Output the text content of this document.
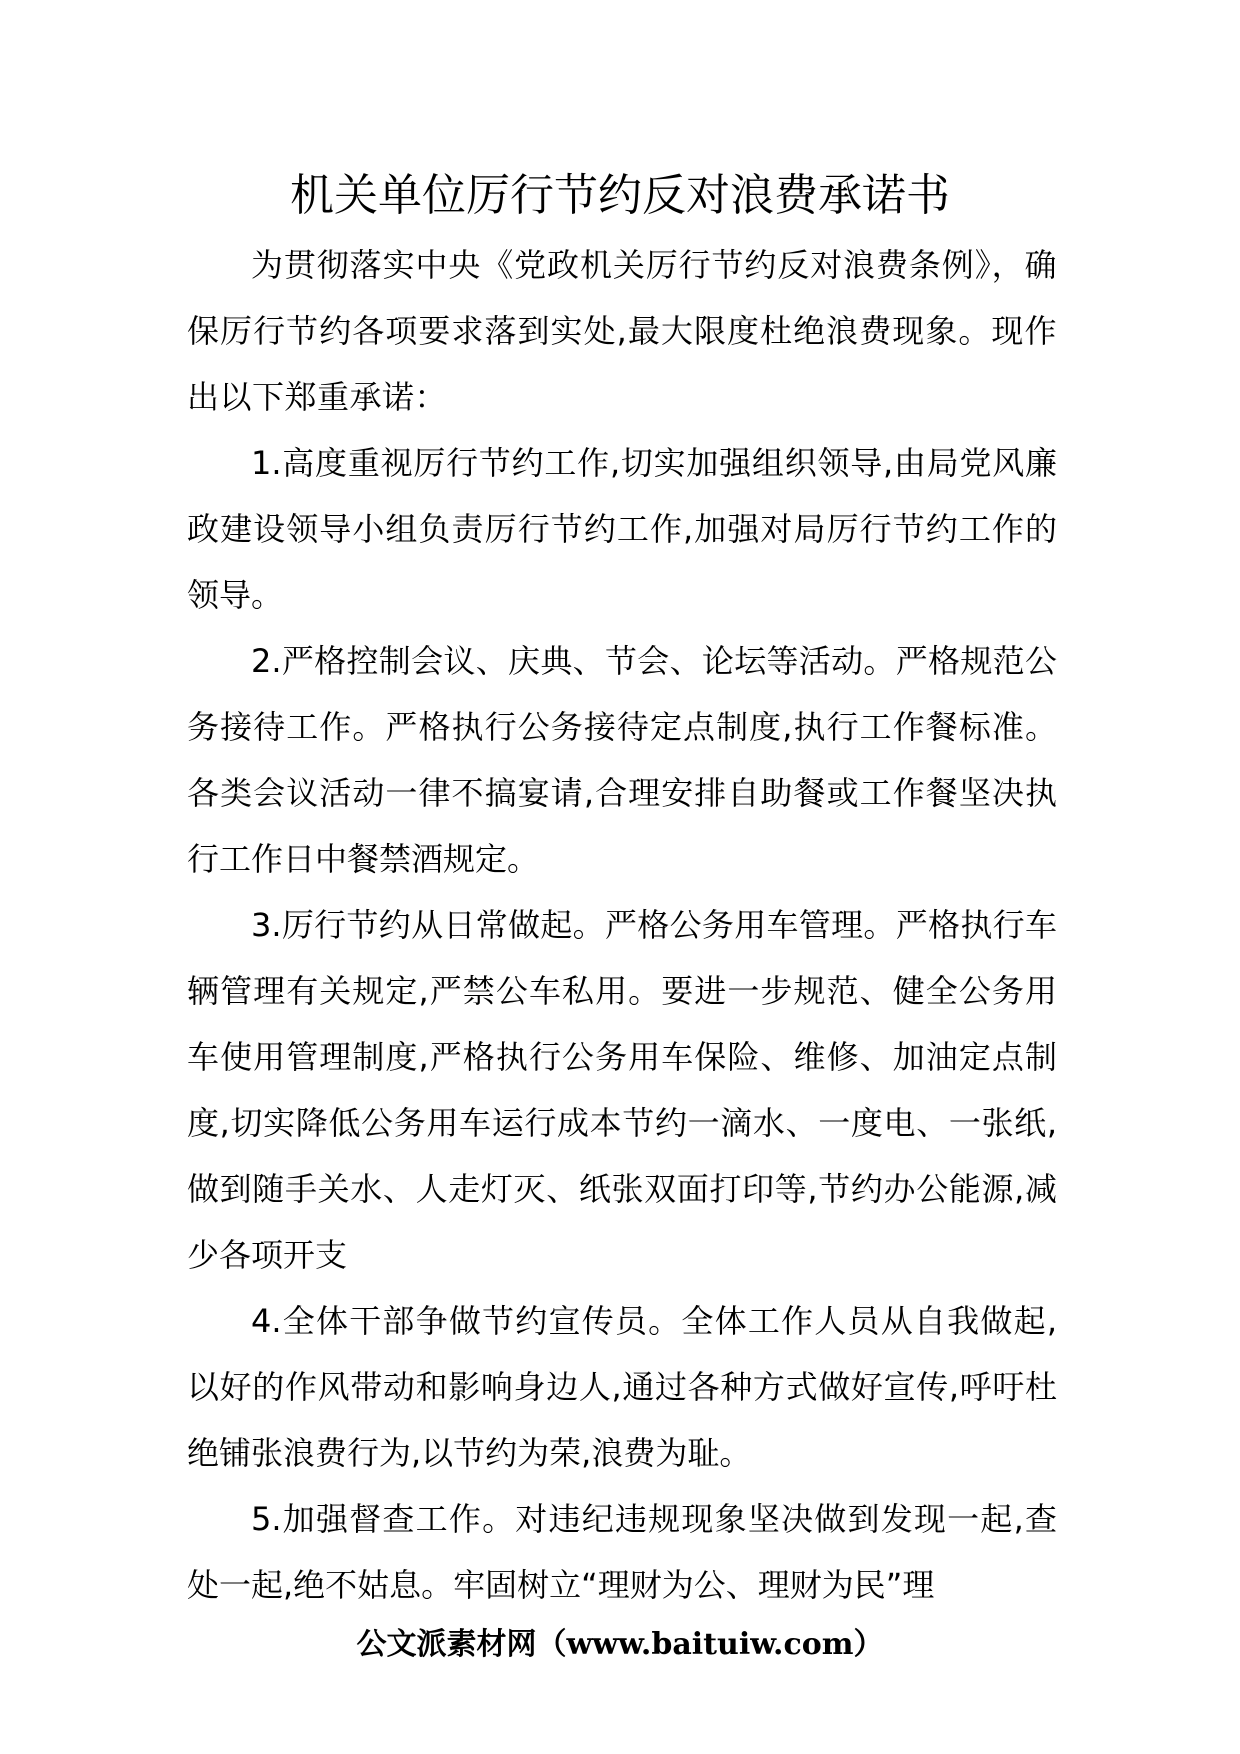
机关单位厉行节约反对浪费承诺书

为贯彻落实中央《党政机关厉行节约反对浪费条例》，确保厉行节约各项要求落到实处,最大限度杜绝浪费现象。现作出以下郑重承诺：

1.高度重视厉行节约工作,切实加强组织领导,由局党风廉政建设领导小组负责厉行节约工作,加强对局厉行节约工作的领导。

2.严格控制会议、庆典、节会、论坛等活动。严格规范公务接待工作。严格执行公务接待定点制度,执行工作餐标准。各类会议活动一律不搞宴请,合理安排自助餐或工作餐坚决执行工作日中餐禁酒规定。

3.厉行节约从日常做起。严格公务用车管理。严格执行车辆管理有关规定,严禁公车私用。要进一步规范、健全公务用车使用管理制度,严格执行公务用车保险、维修、加油定点制度,切实降低公务用车运行成本节约一滴水、一度电、一张纸,做到随手关水、人走灯灭、纸张双面打印等,节约办公能源,减少各项开支

4.全体干部争做节约宣传员。全体工作人员从自我做起,以好的作风带动和影响身边人,通过各种方式做好宣传,呼吁杜绝铺张浪费行为,以节约为荣,浪费为耻。

5.加强督查工作。对违纪违规现象坚决做到发现一起,查处一起,绝不姑息。牢固树立“理财为公、理财为民”理

公文派素材网（www.baituiw.com）
